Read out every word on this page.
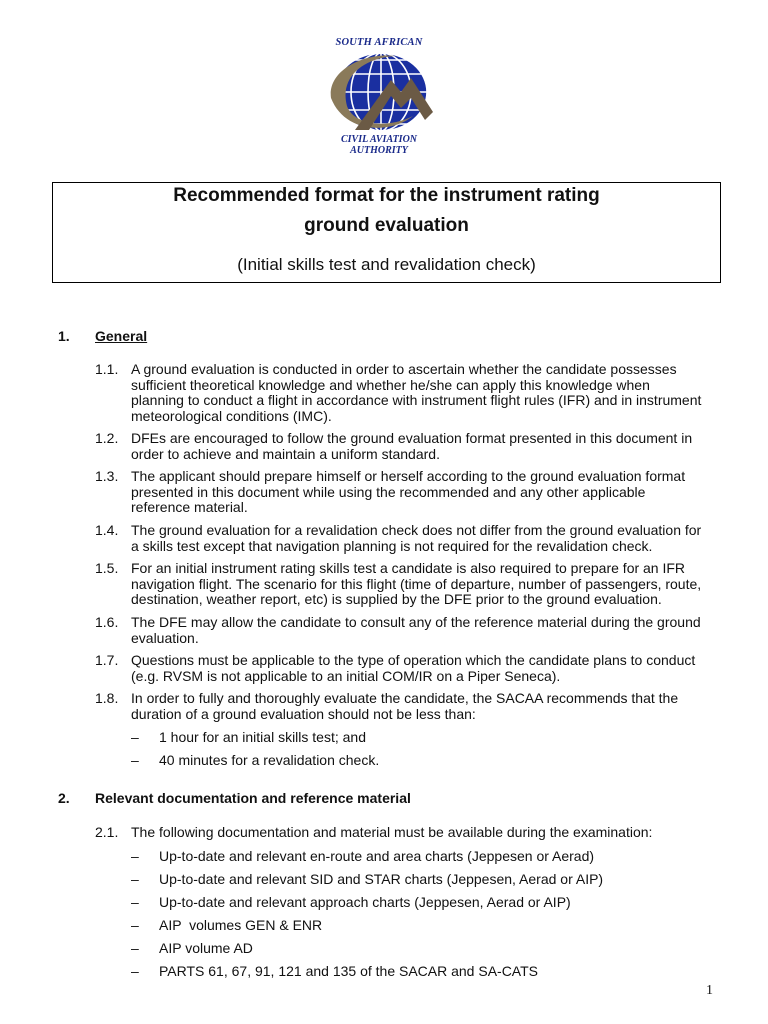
SOUTH AFRICAN
CIVIL AVIATION
AUTHORITY
Recommended format for the instrument rating
ground evaluation
(Initial skills test and revalidation check)
1. General
1.1. A ground evaluation is conducted in order to ascertain whether the candidate possesses
sufficient theoretical knowledge and whether he/she can apply this knowledge when
planning to conduct a flight in accordance with instrument flight rules (IFR) and in instrument
meteorological conditions (IMC).
1.2. DFEs are encouraged to follow the ground evaluation format presented in this document in
order to achieve and maintain a uniform standard.
1.3. The applicant should prepare himself or herself according to the ground evaluation format
presented in this document while using the recommended and any other applicable
reference material.
1.4. The ground evaluation for a revalidation check does not differ from the ground evaluation for
a skills test except that navigation planning is not required for the revalidation check.
1.5. For an initial instrument rating skills test a candidate is also required to prepare for an IFR
navigation flight. The scenario for this flight (time of departure, number of passengers, route,
destination, weather report, etc) is supplied by the DFE prior to the ground evaluation.
1.6. The DFE may allow the candidate to consult any of the reference material during the ground
evaluation.
1.7. Questions must be applicable to the type of operation which the candidate plans to conduct
(e.g. RVSM is not applicable to an initial COM/IR on a Piper Seneca).
1.8. In order to fully and thoroughly evaluate the candidate, the SACAA recommends that the
duration of a ground evaluation should not be less than:
– 1 hour for an initial skills test; and
– 40 minutes for a revalidation check.
2. Relevant documentation and reference material
2.1. The following documentation and material must be available during the examination:
– Up-to-date and relevant en-route and area charts (Jeppesen or Aerad)
– Up-to-date and relevant SID and STAR charts (Jeppesen, Aerad or AIP)
– Up-to-date and relevant approach charts (Jeppesen, Aerad or AIP)
– AIP  volumes GEN & ENR
– AIP volume AD
– PARTS 61, 67, 91, 121 and 135 of the SACAR and SA-CATS
1
